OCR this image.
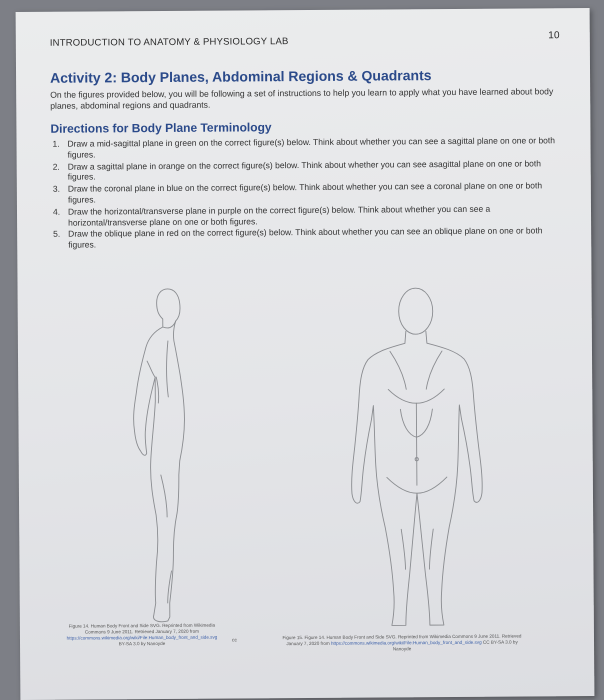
INTRODUCTION TO ANATOMY & PHYSIOLOGY LAB
10
Activity 2: Body Planes, Abdominal Regions & Quadrants
On the figures provided below, you will be following a set of instructions to help you learn to apply what you have learned about body planes, abdominal regions and quadrants.
Directions for Body Plane Terminology
1. Draw a mid-sagittal plane in green on the correct figure(s) below. Think about whether you can see a sagittal plane on one or both figures.
2. Draw a sagittal plane in orange on the correct figure(s) below. Think about whether you can see asagittal plane on one or both figures.
3. Draw the coronal plane in blue on the correct figure(s) below. Think about whether you can see a coronal plane on one or both figures.
4. Draw the horizontal/transverse plane in purple on the correct figure(s) below. Think about whether you can see a horizontal/transverse plane on one or both figures.
5. Draw the oblique plane in red on the correct figure(s) below. Think about whether you can see an oblique plane on one or both figures.
Figure 14. Human Body Front and Side SVG. Reprinted from Wikimedia
Commons 9 June 2011. Retrieved January 7, 2020 from
https://commons.wikimedia.org/wiki/File:Human_body_front_and_side.svg
BY-SA 3.0 by Nanoyde
cc
Figure 15. Figure 14. Human Body Front and Side SVG. Reprinted from Wikimedia Commons 9 June 2011. Retrieved
January 7, 2020 from https://commons.wikimedia.org/wiki/File:Human_body_front_and_side.svg CC BY-SA 3.0 by
Nanoyde
